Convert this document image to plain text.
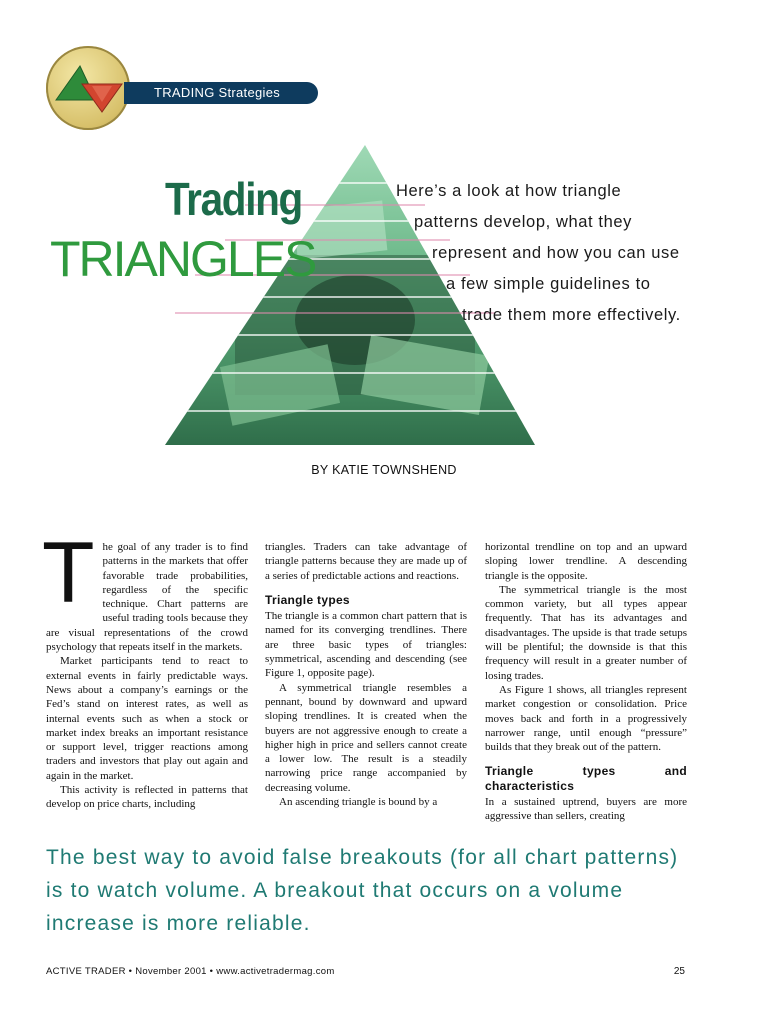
TRADING Strategies
Trading
TRIANGLES
Here’s a look at how triangle
patterns develop, what they
represent and how you can use
a few simple guidelines to
trade them more effectively.
BY KATIE TOWNSHEND
T he goal of any trader is to find patterns in the markets that offer favorable trade probabilities, regardless of the specific technique. Chart patterns are useful trading tools because they are visual representations of the crowd psychology that repeats itself in the markets.

Market participants tend to react to external events in fairly predictable ways. News about a company’s earnings or the Fed’s stand on interest rates, as well as internal events such as when a stock or market index breaks an important resistance or support level, trigger reactions among traders and investors that play out again and again in the market.

This activity is reflected in patterns that develop on price charts, including

triangles. Traders can take advantage of triangle patterns because they are made up of a series of predictable actions and reactions.

Triangle types

The triangle is a common chart pattern that is named for its converging trendlines. There are three basic types of triangles: symmetrical, ascending and descending (see Figure 1, opposite page).

A symmetrical triangle resembles a pennant, bound by downward and upward sloping trendlines. It is created when the buyers are not aggressive enough to create a higher high in price and sellers cannot create a lower low. The result is a steadily narrowing price range accompanied by decreasing volume.

An ascending triangle is bound by a

horizontal trendline on top and an upward sloping lower trendline. A descending triangle is the opposite.

The symmetrical triangle is the most common variety, but all types appear frequently. That has its advantages and disadvantages. The upside is that trade setups will be plentiful; the downside is that this frequency will result in a greater number of losing trades.

As Figure 1 shows, all triangles represent market congestion or consolidation. Price moves back and forth in a progressively narrower range, until enough “pressure” builds that they break out of the pattern.

Triangle types and characteristics

In a sustained uptrend, buyers are more aggressive than sellers, creating

The best way to avoid false breakouts (for all chart patterns)
is to watch volume. A breakout that occurs on a volume
increase is more reliable.
ACTIVE TRADER • November 2001 • www.activetradermag.com	25
